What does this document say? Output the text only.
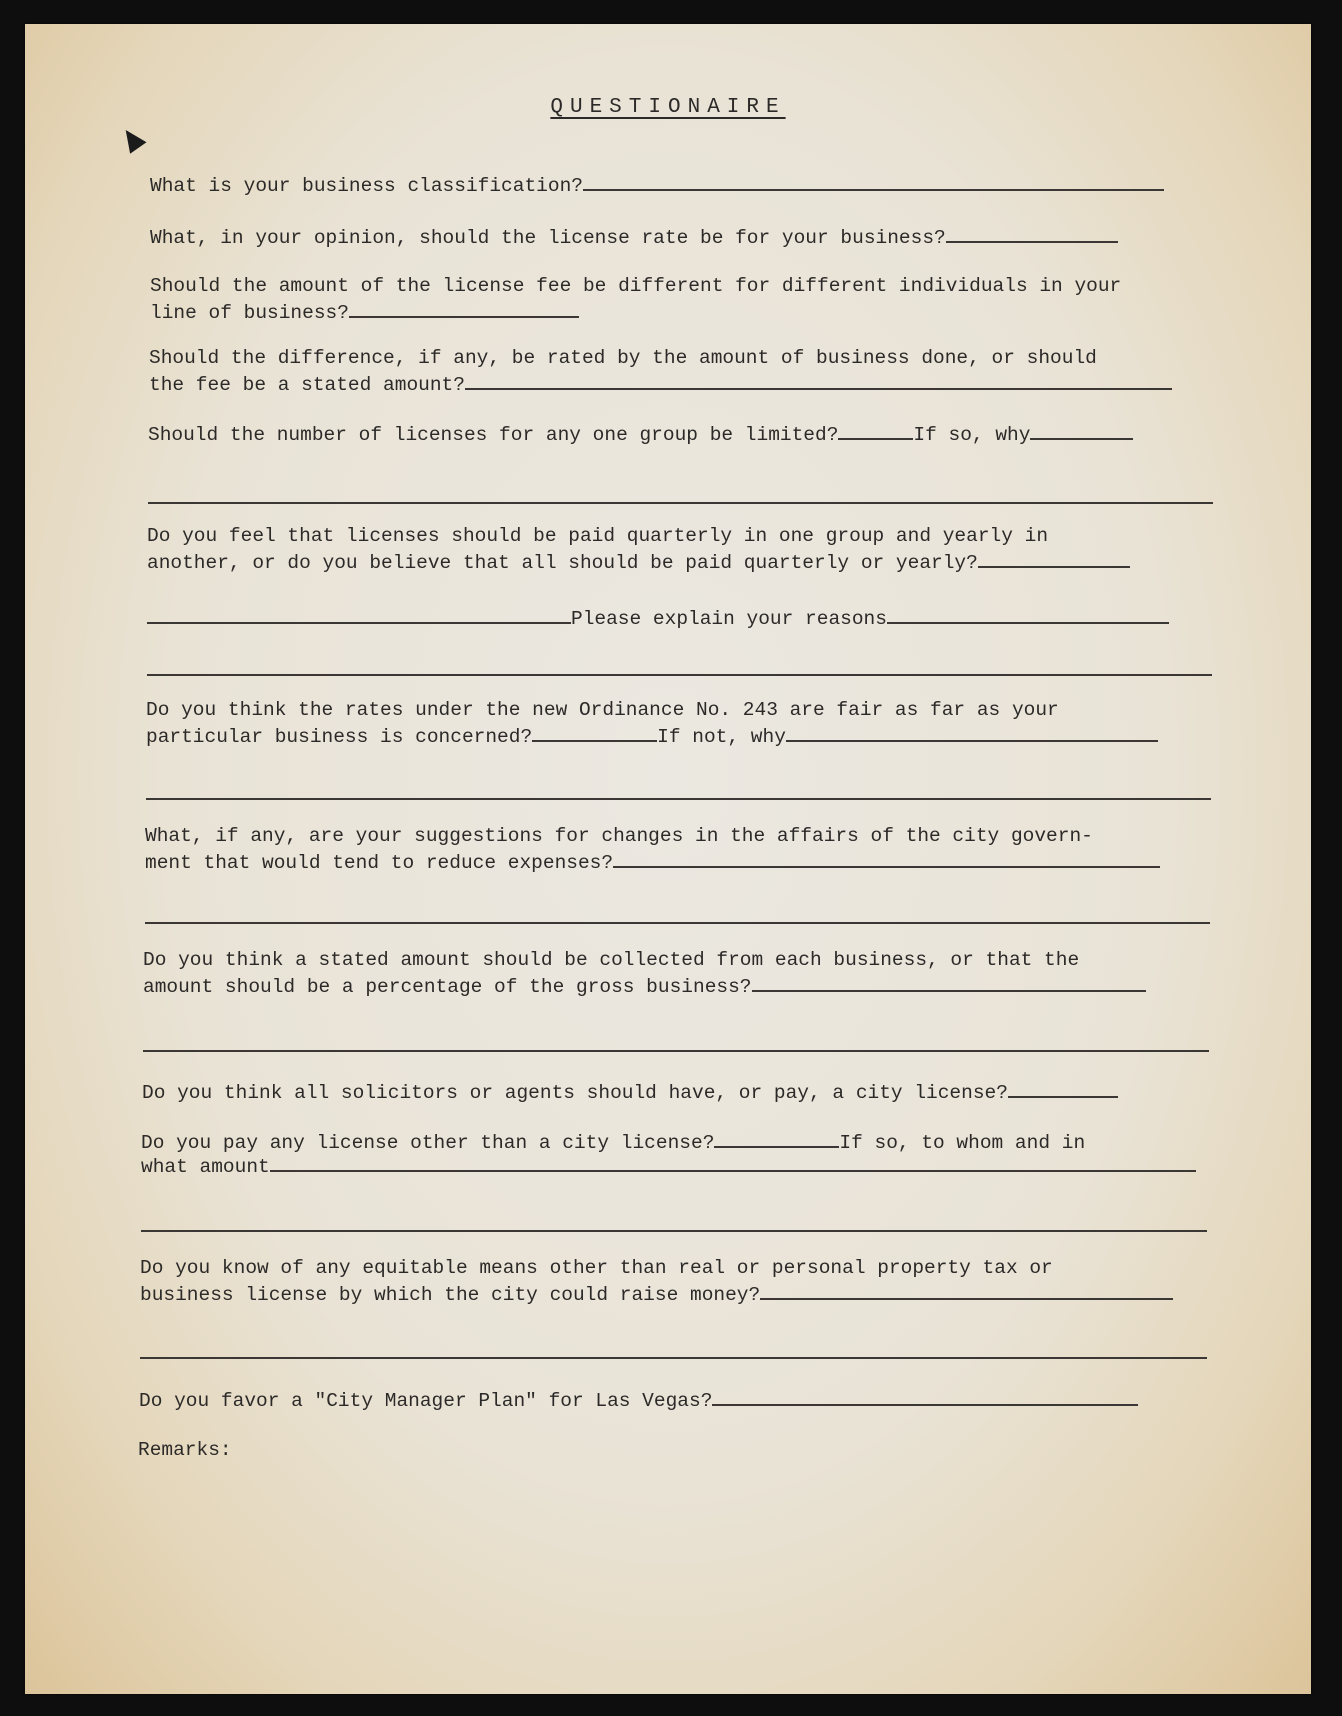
QUESTIONAIRE
What is your business classification?
What, in your opinion, should the license rate be for your business?
Should the amount of the license fee be different for different individuals in your
line of business?
Should the difference, if any, be rated by the amount of business done, or should
the fee be a stated amount?
Should the number of licenses for any one group be limited?	If so, why
Do you feel that licenses should be paid quarterly in one group and yearly in
another, or do you believe that all should be paid quarterly or yearly?
Please explain your reasons
Do you think the rates under the new Ordinance No. 243 are fair as far as your
particular business is concerned?	If not, why
What, if any, are your suggestions for changes in the affairs of the city govern-
ment that would tend to reduce expenses?
Do you think a stated amount should be collected from each business, or that the
amount should be a percentage of the gross business?
Do you think all solicitors or agents should have, or pay, a city license?
Do you pay any license other than a city license?	If so, to whom and in
what amount
Do you know of any equitable means other than real or personal property tax or
business license by which the city could raise money?
Do you favor a "City Manager Plan" for Las Vegas?
Remarks:
